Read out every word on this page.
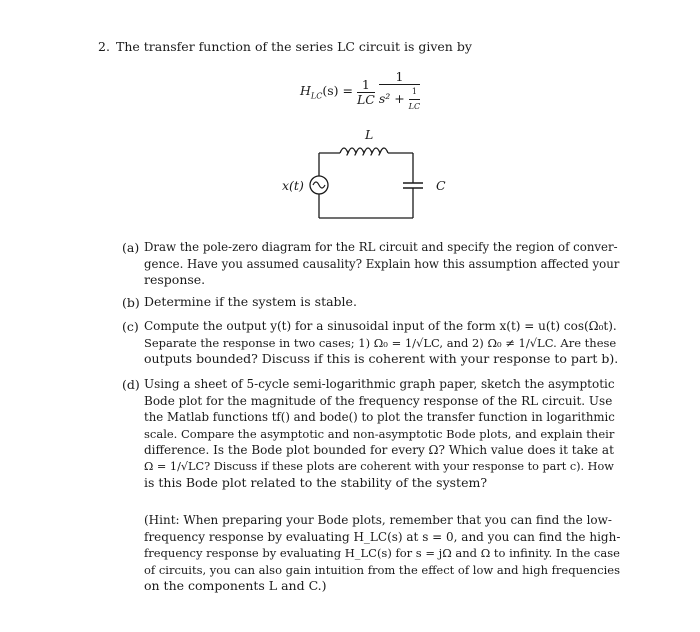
2. The transfer function of the series LC circuit is given by
$H_{LC}(s) = \frac{1}{LC}$
$\frac{1}{s^2 + \frac{1}{LC}}$
L
x(t)	C
(a) Draw the pole-zero diagram for the RL circuit and specify the region of conver-
gence. Have you assumed causality? Explain how this assumption affected your
response.
(b) Determine if the system is stable.
(c) Compute the output y(t) for a sinusoidal input of the form x(t) = u(t) cos(Ω₀t).
Separate the response in two cases; 1) Ω₀ = 1/√LC, and 2) Ω₀ ≠ 1/√LC. Are these
outputs bounded? Discuss if this is coherent with your response to part b).
(d) Using a sheet of 5-cycle semi-logarithmic graph paper, sketch the asymptotic
Bode plot for the magnitude of the frequency response of the RL circuit. Use
the Matlab functions tf() and bode() to plot the transfer function in logarithmic
scale. Compare the asymptotic and non-asymptotic Bode plots, and explain their
difference. Is the Bode plot bounded for every Ω? Which value does it take at
Ω = 1/√LC? Discuss if these plots are coherent with your response to part c). How
is this Bode plot related to the stability of the system?
(Hint: When preparing your Bode plots, remember that you can find the low-
frequency response by evaluating H_LC(s) at s = 0, and you can find the high-
frequency response by evaluating H_LC(s) for s = jΩ and Ω to infinity. In the case
of circuits, you can also gain intuition from the effect of low and high frequencies
on the components L and C.)
